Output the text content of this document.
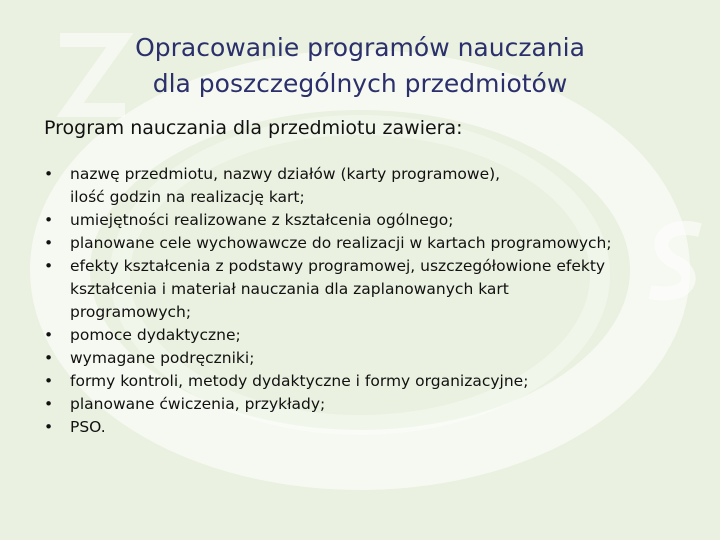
Opracowanie programów nauczania
dla poszczególnych przedmiotów
Program nauczania dla przedmiotu zawiera:
• nazwę przedmiotu, nazwy działów (karty programowe),
ilość godzin na realizację kart;
• umiejętności realizowane z kształcenia ogólnego;
• planowane cele wychowawcze do realizacji w kartach programowych;
• efekty kształcenia z podstawy programowej, uszczegółowione efekty
kształcenia i materiał nauczania dla zaplanowanych kart
programowych;
• pomoce dydaktyczne;
• wymagane podręczniki;
• formy kontroli, metody dydaktyczne i formy organizacyjne;
• planowane ćwiczenia, przykłady;
• PSO.
